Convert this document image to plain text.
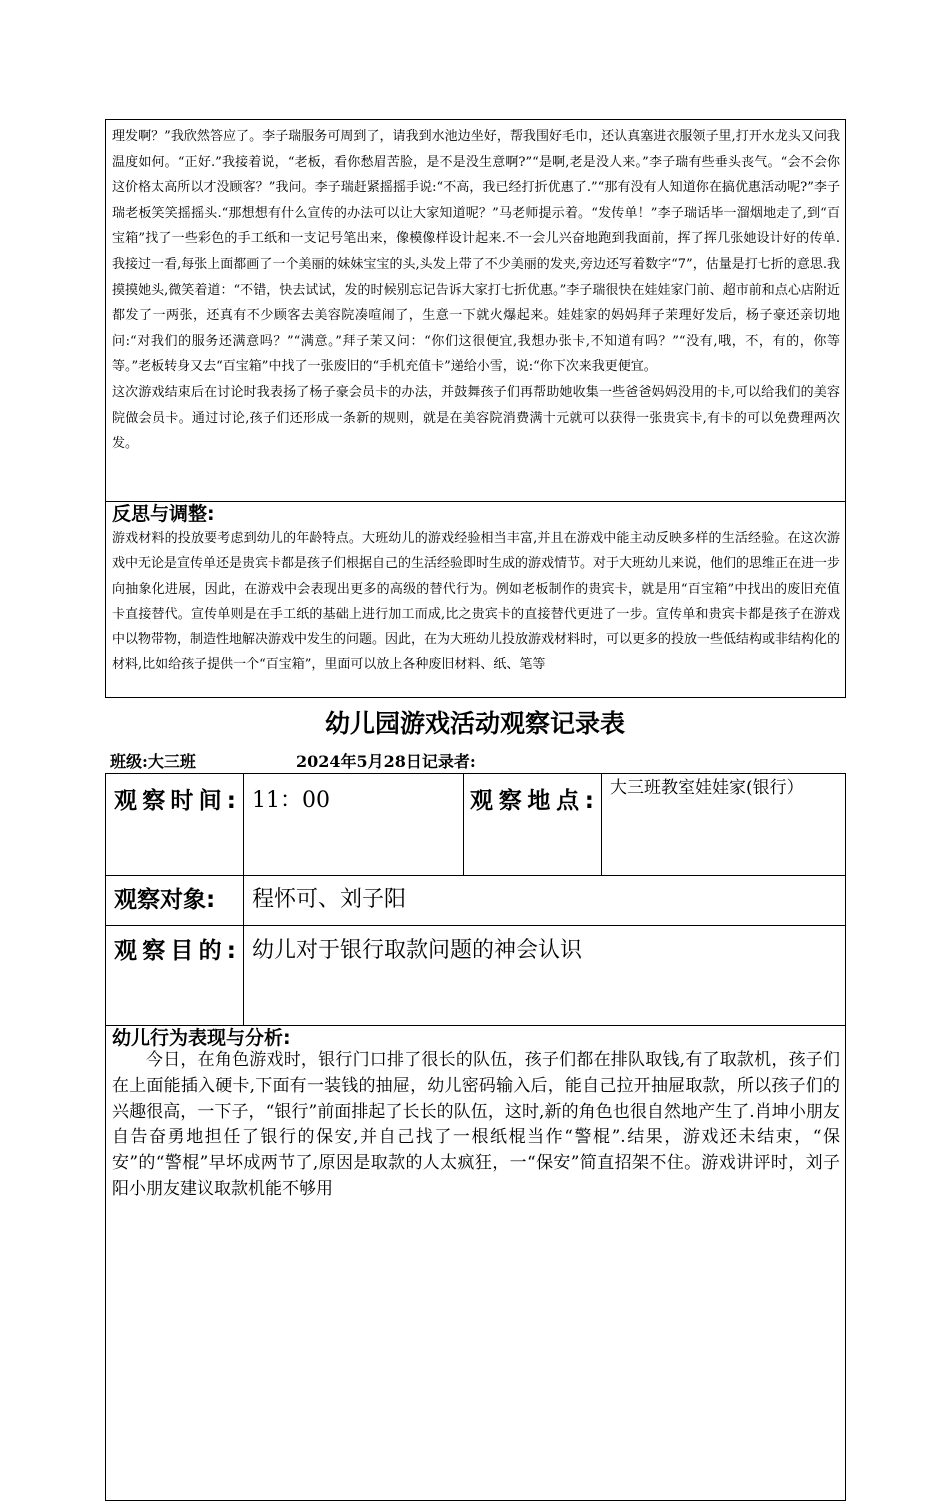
理发啊？”我欣然答应了。李子瑞服务可周到了，请我到水池边坐好，帮我围好毛巾，还认真塞进衣服领子里,打开水龙头又问我温度如何。“正好.”我接着说，“老板，看你愁眉苦脸，是不是没生意啊?”“是啊,老是没人来。”李子瑞有些垂头丧气。“会不会你这价格太高所以才没顾客？”我问。李子瑞赶紧摇摇手说:“不高，我已经打折优惠了.”“那有没有人知道你在搞优惠活动呢?”李子瑞老板笑笑摇摇头.“那想想有什么宣传的办法可以让大家知道呢？”马老师提示着。“发传单！”李子瑞话毕一溜烟地走了,到“百宝箱”找了一些彩色的手工纸和一支记号笔出来，像模像样设计起来.不一会儿兴奋地跑到我面前，挥了挥几张她设计好的传单.我接过一看,每张上面都画了一个美丽的妹妹宝宝的头,头发上带了不少美丽的发夹,旁边还写着数字“7”，估量是打七折的意思.我摸摸她头,微笑着道：“不错，快去试试，发的时候别忘记告诉大家打七折优惠。”李子瑞很快在娃娃家门前、超市前和点心店附近都发了一两张，还真有不少顾客去美容院凑喧闹了，生意一下就火爆起来。娃娃家的妈妈拜子茉理好发后，杨子豪还亲切地问:“对我们的服务还满意吗？”“满意。”拜子茉又问：“你们这很便宜,我想办张卡,不知道有吗？”“没有,哦，不，有的，你等等。”老板转身又去“百宝箱”中找了一张废旧的“手机充值卡”递给小雪，说:“你下次来我更便宜。

这次游戏结束后在讨论时我表扬了杨子豪会员卡的办法，并鼓舞孩子们再帮助她收集一些爸爸妈妈没用的卡,可以给我们的美容院做会员卡。通过讨论,孩子们还形成一条新的规则，就是在美容院消费满十元就可以获得一张贵宾卡,有卡的可以免费理两次发。

反思与调整:

游戏材料的投放要考虑到幼儿的年龄特点。大班幼儿的游戏经验相当丰富,并且在游戏中能主动反映多样的生活经验。在这次游戏中无论是宣传单还是贵宾卡都是孩子们根据自己的生活经验即时生成的游戏情节。对于大班幼儿来说，他们的思维正在进一步向抽象化进展，因此，在游戏中会表现出更多的高级的替代行为。例如老板制作的贵宾卡，就是用“百宝箱”中找出的废旧充值卡直接替代。宣传单则是在手工纸的基础上进行加工而成,比之贵宾卡的直接替代更进了一步。宣传单和贵宾卡都是孩子在游戏中以物带物，制造性地解决游戏中发生的问题。因此，在为大班幼儿投放游戏材料时，可以更多的投放一些低结构或非结构化的材料,比如给孩子提供一个“百宝箱”，里面可以放上各种废旧材料、纸、笔等

幼儿园游戏活动观察记录表
班级:大三班	2024年5月28日记录者:
观察时间: 11：00	观察地点: 大三班教室娃娃家(银行）
观察对象: 程怀可、刘子阳
观察目的: 幼儿对于银行取款问题的神会认识
幼儿行为表现与分析:

今日，在角色游戏时，银行门口排了很长的队伍，孩子们都在排队取钱,有了取款机，孩子们在上面能插入硬卡,下面有一装钱的抽屉，幼儿密码输入后，能自己拉开抽屉取款，所以孩子们的兴趣很高，一下子，“银行”前面排起了长长的队伍，这时,新的角色也很自然地产生了.肖坤小朋友自告奋勇地担任了银行的保安,并自己找了一根纸棍当作“警棍”.结果，游戏还未结束，“保安”的“警棍”早坏成两节了,原因是取款的人太疯狂，一“保安”简直招架不住。游戏讲评时，刘子阳小朋友建议取款机能不够用
